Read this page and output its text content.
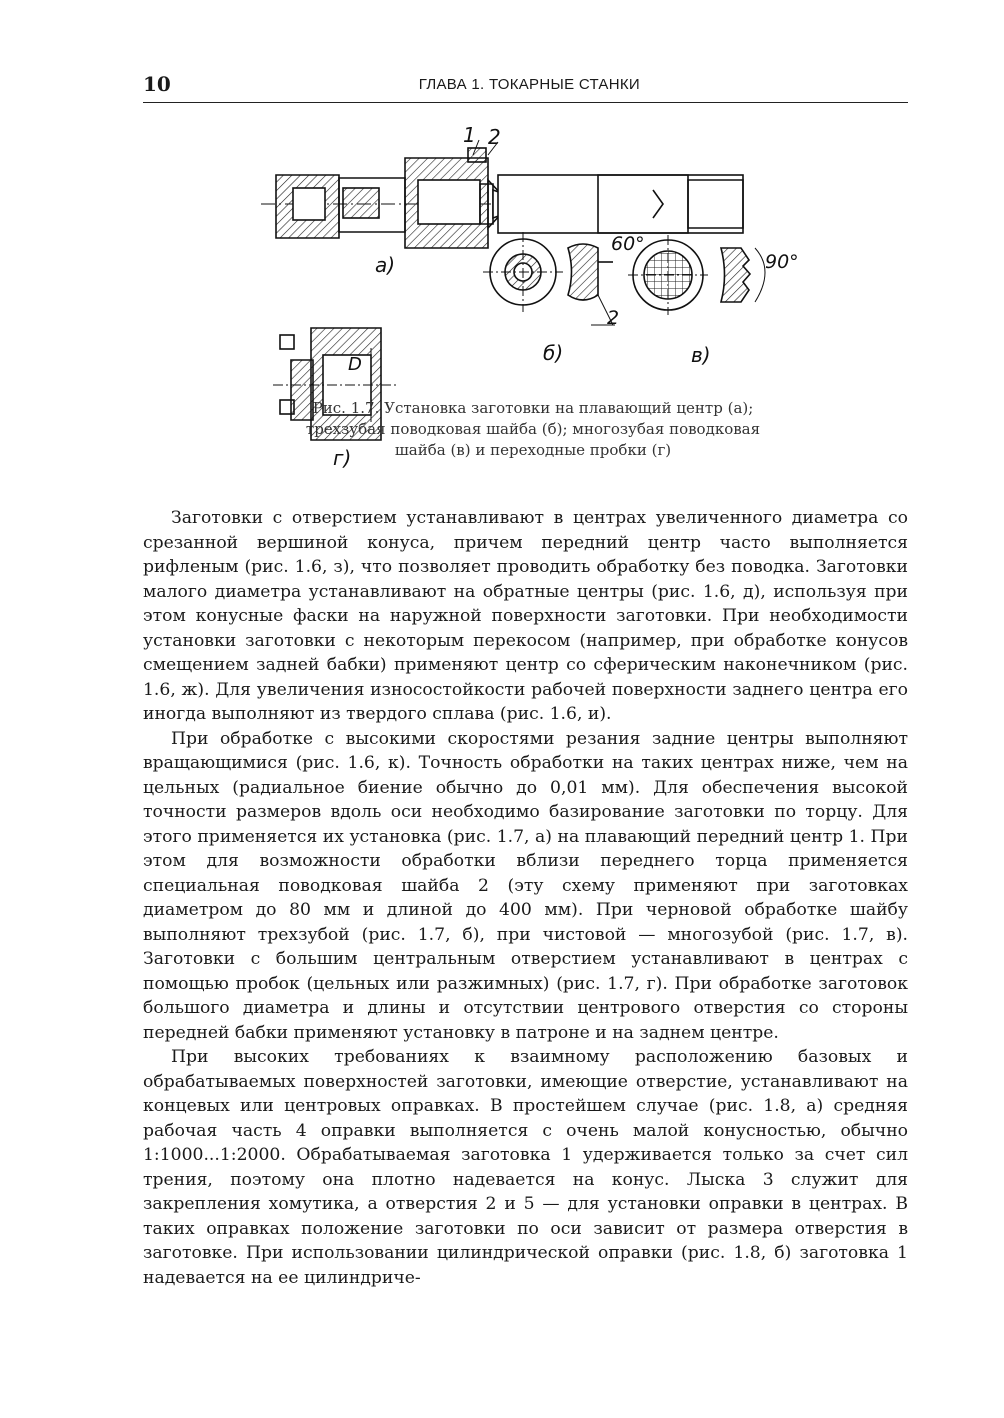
10	ГЛАВА 1. ТОКАРНЫЕ СТАНКИ
1 2
а)
60°
2
б)
90°
в)
D
г)
Рис. 1.7. Установка заготовки на плавающий центр (а); трехзубая поводковая шайба (б); многозубая поводковая шайба (в) и переходные пробки (г)

Заготовки с отверстием устанавливают в центрах увеличенного диаметра со срезанной вершиной конуса, причем передний центр часто выполняется рифленым (рис. 1.6, з), что позволяет проводить обработку без поводка. Заготовки малого диаметра устанавливают на обратные центры (рис. 1.6, д), используя при этом конусные фаски на наружной поверхности заготовки. При необходимости установки заготовки с некоторым перекосом (например, при обработке конусов смещением задней бабки) применяют центр со сферическим наконечником (рис. 1.6, ж). Для увеличения износостойкости рабочей поверхности заднего центра его иногда выполняют из твердого сплава (рис. 1.6, и).

При обработке с высокими скоростями резания задние центры выполняют вращающимися (рис. 1.6, к). Точность обработки на таких центрах ниже, чем на цельных (радиальное биение обычно до 0,01 мм). Для обеспечения высокой точности размеров вдоль оси необходимо базирование заготовки по торцу. Для этого применяется их установка (рис. 1.7, а) на плавающий передний центр 1. При этом для возможности обработки вблизи переднего торца применяется специальная поводковая шайба 2 (эту схему применяют при заготовках диаметром до 80 мм и длиной до 400 мм). При черновой обработке шайбу выполняют трехзубой (рис. 1.7, б), при чистовой — многозубой (рис. 1.7, в). Заготовки с большим центральным отверстием устанавливают в центрах с помощью пробок (цельных или разжимных) (рис. 1.7, г). При обработке заготовок большого диаметра и длины и отсутствии центрового отверстия со стороны передней бабки применяют установку в патроне и на заднем центре.

При высоких требованиях к взаимному расположению базовых и обрабатываемых поверхностей заготовки, имеющие отверстие, устанавливают на концевых или центровых оправках. В простейшем случае (рис. 1.8, а) средняя рабочая часть 4 оправки выполняется с очень малой конусностью, обычно 1:1000...1:2000. Обрабатываемая заготовка 1 удерживается только за счет сил трения, поэтому она плотно надевается на конус. Лыска 3 служит для закрепления хомутика, а отверстия 2 и 5 — для установки оправки в центрах. В таких оправках положение заготовки по оси зависит от размера отверстия в заготовке. При использовании цилиндрической оправки (рис. 1.8, б) заготовка 1 надевается на ее цилиндриче-
